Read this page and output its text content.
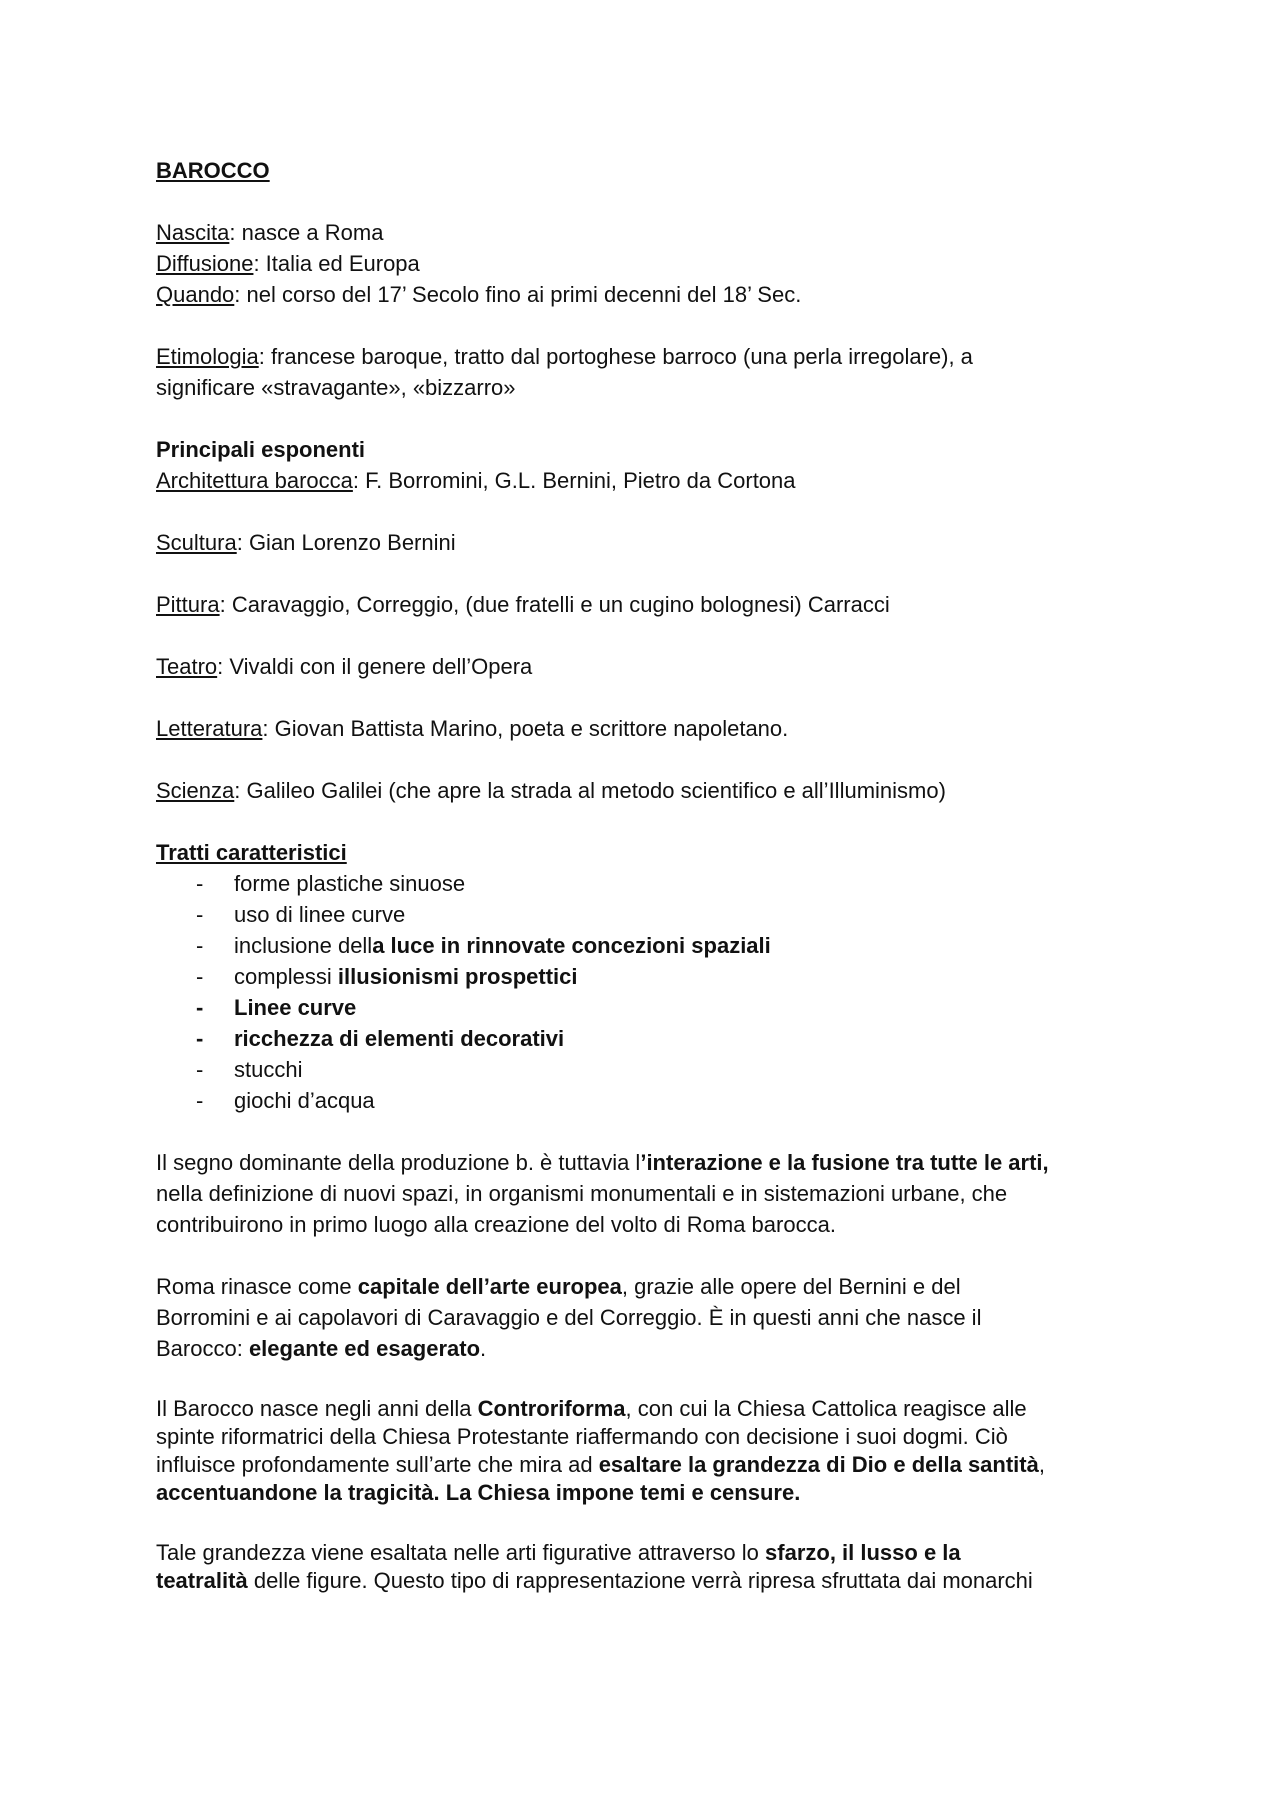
BAROCCO
Nascita: nasce a Roma
Diffusione: Italia ed Europa
Quando: nel corso del 17’ Secolo fino ai primi decenni del 18’ Sec.
Etimologia: francese baroque, tratto dal portoghese barroco (una perla irregolare), a
significare «stravagante», «bizzarro»
Principali esponenti
Architettura barocca: F. Borromini, G.L. Bernini, Pietro da Cortona
Scultura: Gian Lorenzo Bernini
Pittura: Caravaggio, Correggio, (due fratelli e un cugino bolognesi) Carracci
Teatro: Vivaldi con il genere dell’Opera
Letteratura: Giovan Battista Marino, poeta e scrittore napoletano.
Scienza: Galileo Galilei (che apre la strada al metodo scientifico e all’Illuminismo)
Tratti caratteristici
- forme plastiche sinuose
- uso di linee curve
- inclusione della luce in rinnovate concezioni spaziali
- complessi illusionismi prospettici
- Linee curve
- ricchezza di elementi decorativi
- stucchi
- giochi d’acqua
Il segno dominante della produzione b. è tuttavia l’interazione e la fusione tra tutte le arti,
nella definizione di nuovi spazi, in organismi monumentali e in sistemazioni urbane, che
contribuirono in primo luogo alla creazione del volto di Roma barocca.
Roma rinasce come capitale dell’arte europea, grazie alle opere del Bernini e del
Borromini e ai capolavori di Caravaggio e del Correggio. È in questi anni che nasce il
Barocco: elegante ed esagerato.
Il Barocco nasce negli anni della Controriforma, con cui la Chiesa Cattolica reagisce alle
spinte riformatrici della Chiesa Protestante riaffermando con decisione i suoi dogmi. Ciò
influisce profondamente sull’arte che mira ad esaltare la grandezza di Dio e della santità,
accentuandone la tragicità. La Chiesa impone temi e censure.
Tale grandezza viene esaltata nelle arti figurative attraverso lo sfarzo, il lusso e la
teatralità delle figure. Questo tipo di rappresentazione verrà ripresa sfruttata dai monarchi
